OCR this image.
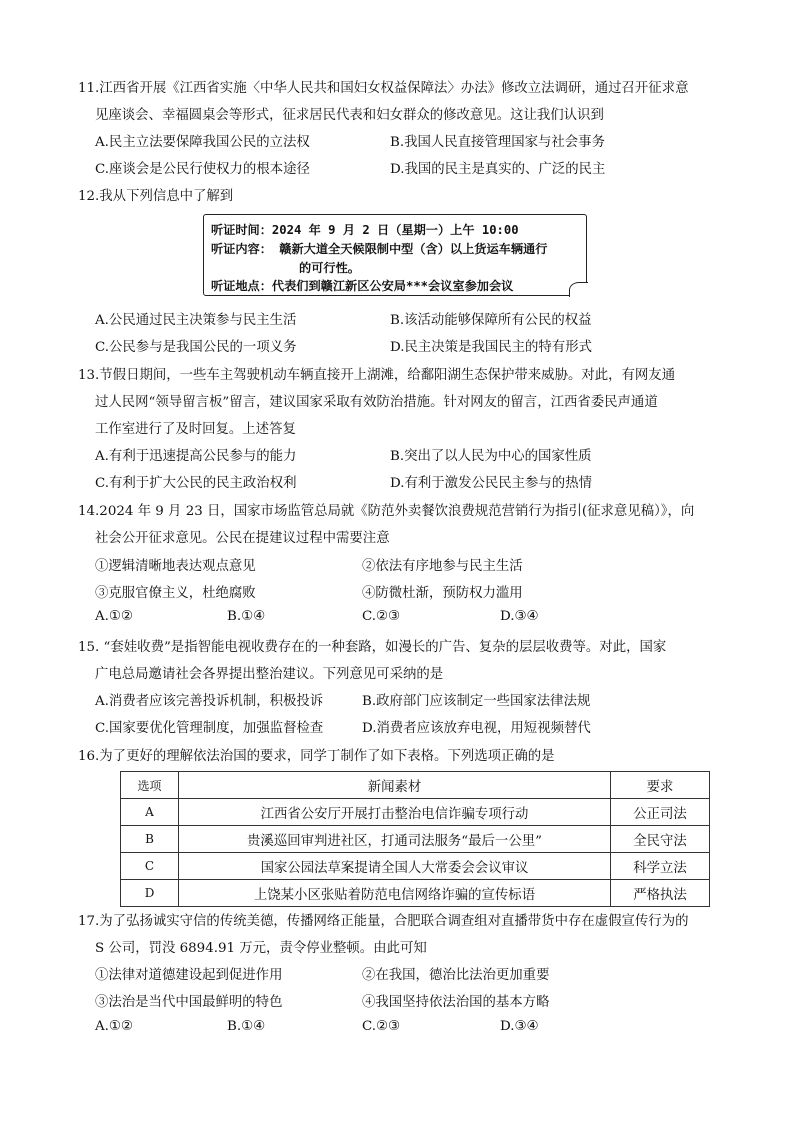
11.江西省开展《江西省实施〈中华人民共和国妇女权益保障法〉办法》修改立法调研，通过召开征求意
见座谈会、幸福圆桌会等形式，征求居民代表和妇女群众的修改意见。这让我们认识到
A.民主立法要保障我国公民的立法权	B.我国人民直接管理国家与社会事务
C.座谈会是公民行使权力的根本途径	D.我国的民主是真实的、广泛的民主
12.我从下列信息中了解到
听证时间：2024 年 9 月 2 日（星期一）上午 10:00
听证内容： 赣新大道全天候限制中型（含）以上货运车辆通行
的可行性。
听证地点：代表们到赣江新区公安局***会议室参加会议
A.公民通过民主决策参与民主生活	B.该活动能够保障所有公民的权益
C.公民参与是我国公民的一项义务	D.民主决策是我国民主的特有形式
13.节假日期间，一些车主驾驶机动车辆直接开上湖滩，给鄱阳湖生态保护带来威胁。对此，有网友通
过人民网“领导留言板”留言，建议国家采取有效防治措施。针对网友的留言，江西省委民声通道
工作室进行了及时回复。上述答复
A.有利于迅速提高公民参与的能力	B.突出了以人民为中心的国家性质
C.有利于扩大公民的民主政治权利	D.有利于激发公民民主参与的热情
14.2024 年 9 月 23 日，国家市场监管总局就《防范外卖餐饮浪费规范营销行为指引(征求意见稿）》，向
社会公开征求意见。公民在提建议过程中需要注意
①逻辑清晰地表达观点意见	②依法有序地参与民主生活
③克服官僚主义，杜绝腐败	④防微杜渐，预防权力滥用
A.①②	B.①④	C.②③	D.③④
15. “套娃收费”是指智能电视收费存在的一种套路，如漫长的广告、复杂的层层收费等。对此，国家
广电总局邀请社会各界提出整治建议。下列意见可采纳的是
A.消费者应该完善投诉机制，积极投诉	B.政府部门应该制定一些国家法律法规
C.国家要优化管理制度，加强监督检查	D.消费者应该放弃电视，用短视频替代
16.为了更好的理解依法治国的要求，同学丁制作了如下表格。下列选项正确的是
选项	新闻素材	要求
A	江西省公安厅开展打击整治电信诈骗专项行动	公正司法
B	贵溪巡回审判进社区，打通司法服务“最后一公里”	全民守法
C	国家公园法草案提请全国人大常委会会议审议	科学立法
D	上饶某小区张贴着防范电信网络诈骗的宣传标语	严格执法
17.为了弘扬诚实守信的传统美德，传播网络正能量，合肥联合调查组对直播带货中存在虚假宣传行为的
S 公司，罚没 6894.91 万元，责令停业整顿。由此可知
①法律对道德建设起到促进作用	②在我国，德治比法治更加重要
③法治是当代中国最鲜明的特色	④我国坚持依法治国的基本方略
A.①②	B.①④	C.②③	D.③④
